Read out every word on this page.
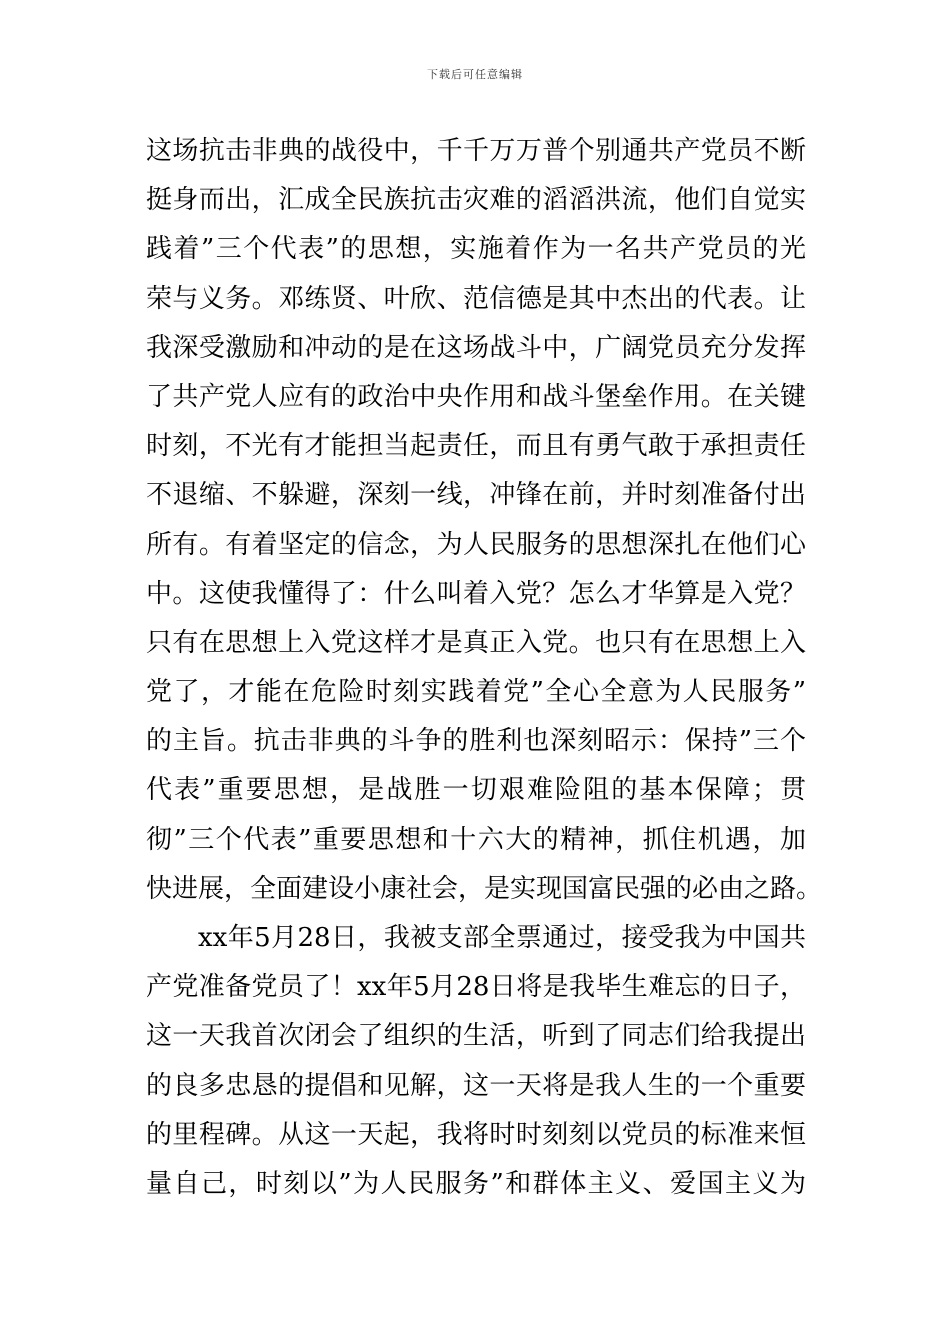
下载后可任意编辑
这场抗击非典的战役中，千千万万普个别通共产党员不断
挺身而出，汇成全民族抗击灾难的滔滔洪流，他们自觉实
践着”三个代表”的思想，实施着作为一名共产党员的光
荣与义务。邓练贤、叶欣、范信德是其中杰出的代表。让
我深受激励和冲动的是在这场战斗中，广阔党员充分发挥
了共产党人应有的政治中央作用和战斗堡垒作用。在关键
时刻，不光有才能担当起责任，而且有勇气敢于承担责任
不退缩、不躲避，深刻一线，冲锋在前，并时刻准备付出
所有。有着坚定的信念，为人民服务的思想深扎在他们心
中。这使我懂得了：什么叫着入党？怎么才华算是入党？
只有在思想上入党这样才是真正入党。也只有在思想上入
党了，才能在危险时刻实践着党”全心全意为人民服务”
的主旨。抗击非典的斗争的胜利也深刻昭示：保持”三个
代表”重要思想，是战胜一切艰难险阻的基本保障；贯
彻”三个代表”重要思想和十六大的精神，抓住机遇，加
快进展，全面建设小康社会，是实现国富民强的必由之路。
xx年5月28日，我被支部全票通过，接受我为中国共
产党准备党员了！xx年5月28日将是我毕生难忘的日子，
这一天我首次闭会了组织的生活，听到了同志们给我提出
的良多忠恳的提倡和见解，这一天将是我人生的一个重要
的里程碑。从这一天起，我将时时刻刻以党员的标准来恒
量自己，时刻以”为人民服务”和群体主义、爱国主义为
